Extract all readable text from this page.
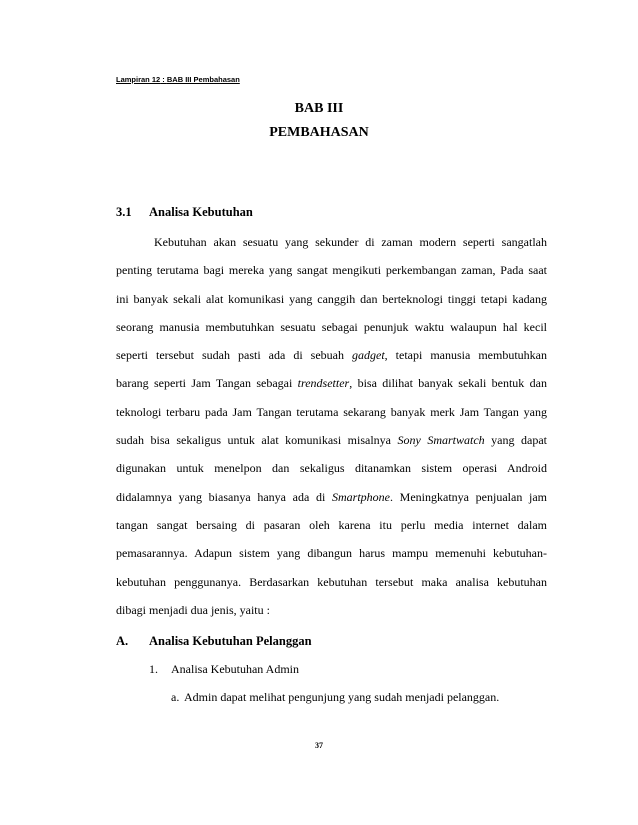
Lampiran 12 : BAB III Pembahasan
BAB III
PEMBAHASAN
3.1 Analisa Kebutuhan
Kebutuhan akan sesuatu yang sekunder di zaman modern seperti sangatlah
penting terutama bagi mereka yang sangat mengikuti perkembangan zaman, Pada saat
ini banyak sekali alat komunikasi yang canggih dan berteknologi tinggi tetapi kadang
seorang manusia membutuhkan sesuatu sebagai penunjuk waktu walaupun hal kecil
seperti tersebut sudah pasti ada di sebuah gadget, tetapi manusia membutuhkan
barang seperti Jam Tangan sebagai trendsetter, bisa dilihat banyak sekali bentuk dan
teknologi terbaru pada Jam Tangan terutama sekarang banyak merk Jam Tangan yang
sudah bisa sekaligus untuk alat komunikasi misalnya Sony Smartwatch yang dapat
digunakan untuk menelpon dan sekaligus ditanamkan sistem operasi Android
didalamnya yang biasanya hanya ada di Smartphone. Meningkatnya penjualan jam
tangan sangat bersaing di pasaran oleh karena itu perlu media internet dalam
pemasarannya. Adapun sistem yang dibangun harus mampu memenuhi kebutuhan-
kebutuhan penggunanya. Berdasarkan kebutuhan tersebut maka analisa kebutuhan
dibagi menjadi dua jenis, yaitu :
A. Analisa Kebutuhan Pelanggan
1. Analisa Kebutuhan Admin
a. Admin dapat melihat pengunjung yang sudah menjadi pelanggan.
37
